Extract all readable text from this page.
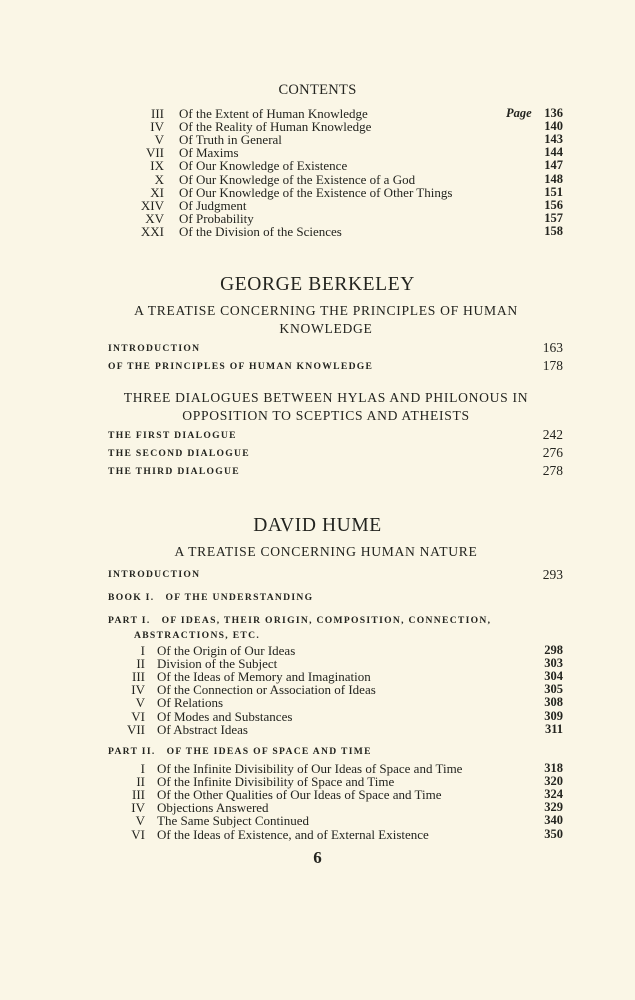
CONTENTS
Page
III Of the Extent of Human Knowledge	136
IV Of the Reality of Human Knowledge	140
V Of Truth in General	143
VII Of Maxims	144
IX Of Our Knowledge of Existence	147
X Of Our Knowledge of the Existence of a God	148
XI Of Our Knowledge of the Existence of Other Things	151
XIV Of Judgment	156
XV Of Probability	157
XXI Of the Division of the Sciences	158
GEORGE BERKELEY
A TREATISE CONCERNING THE PRINCIPLES OF HUMAN KNOWLEDGE
INTRODUCTION	163
OF THE PRINCIPLES OF HUMAN KNOWLEDGE	178
THREE DIALOGUES BETWEEN HYLAS AND PHILONOUS IN OPPOSITION TO SCEPTICS AND ATHEISTS
THE FIRST DIALOGUE	242
THE SECOND DIALOGUE	276
THE THIRD DIALOGUE	278
DAVID HUME
A TREATISE CONCERNING HUMAN NATURE
INTRODUCTION	293
BOOK I.   OF THE UNDERSTANDING
PART I.   OF IDEAS, THEIR ORIGIN, COMPOSITION, CONNECTION,
ABSTRACTIONS, ETC.
I Of the Origin of Our Ideas	298
II Division of the Subject	303
III Of the Ideas of Memory and Imagination	304
IV Of the Connection or Association of Ideas	305
V Of Relations	308
VI Of Modes and Substances	309
VII Of Abstract Ideas	311
PART II.   OF THE IDEAS OF SPACE AND TIME
I Of the Infinite Divisibility of Our Ideas of Space and Time	318
II Of the Infinite Divisibility of Space and Time	320
III Of the Other Qualities of Our Ideas of Space and Time	324
IV Objections Answered	329
V The Same Subject Continued	340
VI Of the Ideas of Existence, and of External Existence	350
6
